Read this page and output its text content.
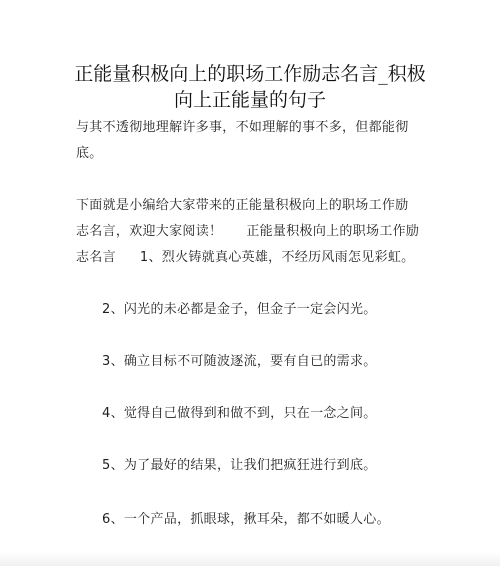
正能量积极向上的职场工作励志名言_积极
向上正能量的句子
与其不透彻地理解许多事，不如理解的事不多，但都能彻
底。
下面就是小编给大家带来的正能量积极向上的职场工作励
志名言，欢迎大家阅读！ 正能量积极向上的职场工作励
志名言 1、烈火铸就真心英雄，不经历风雨怎见彩虹。
2、闪光的未必都是金子，但金子一定会闪光。
3、确立目标不可随波逐流，要有自已的需求。
4、觉得自己做得到和做不到，只在一念之间。
5、为了最好的结果，让我们把疯狂进行到底。
6、一个产品，抓眼球，揪耳朵，都不如暖人心。
